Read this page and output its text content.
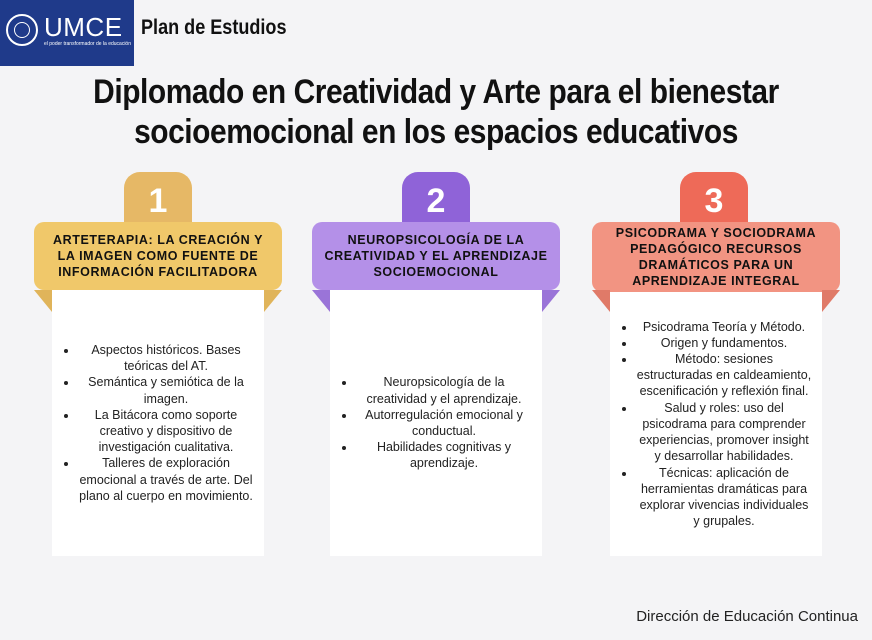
UMCE
el poder transformador de la educación
Plan de Estudios
Diplomado en Creatividad y Arte para el bienestar socioemocional en los espacios educativos
1
ARTETERAPIA: LA CREACIÓN Y LA IMAGEN COMO FUENTE DE INFORMACIÓN FACILITADORA
• Aspectos históricos. Bases teóricas del AT.
• Semántica y semiótica de la imagen.
• La Bitácora como soporte creativo y dispositivo de investigación cualitativa.
• Talleres de exploración emocional a través de arte. Del plano al cuerpo en movimiento.
2
NEUROPSICOLOGÍA DE LA CREATIVIDAD Y EL APRENDIZAJE SOCIOEMOCIONAL
• Neuropsicología de la creatividad y el aprendizaje.
• Autorregulación emocional y conductual.
• Habilidades cognitivas y aprendizaje.
3
PSICODRAMA Y SOCIODRAMA PEDAGÓGICO RECURSOS DRAMÁTICOS PARA UN APRENDIZAJE INTEGRAL
• Psicodrama Teoría y Método.
• Origen y fundamentos.
• Método: sesiones estructuradas en caldeamiento, escenificación y reflexión final.
• Salud y roles: uso del psicodrama para comprender experiencias, promover insight y desarrollar habilidades.
• Técnicas: aplicación de herramientas dramáticas para explorar vivencias individuales y grupales.
Dirección de Educación Continua
